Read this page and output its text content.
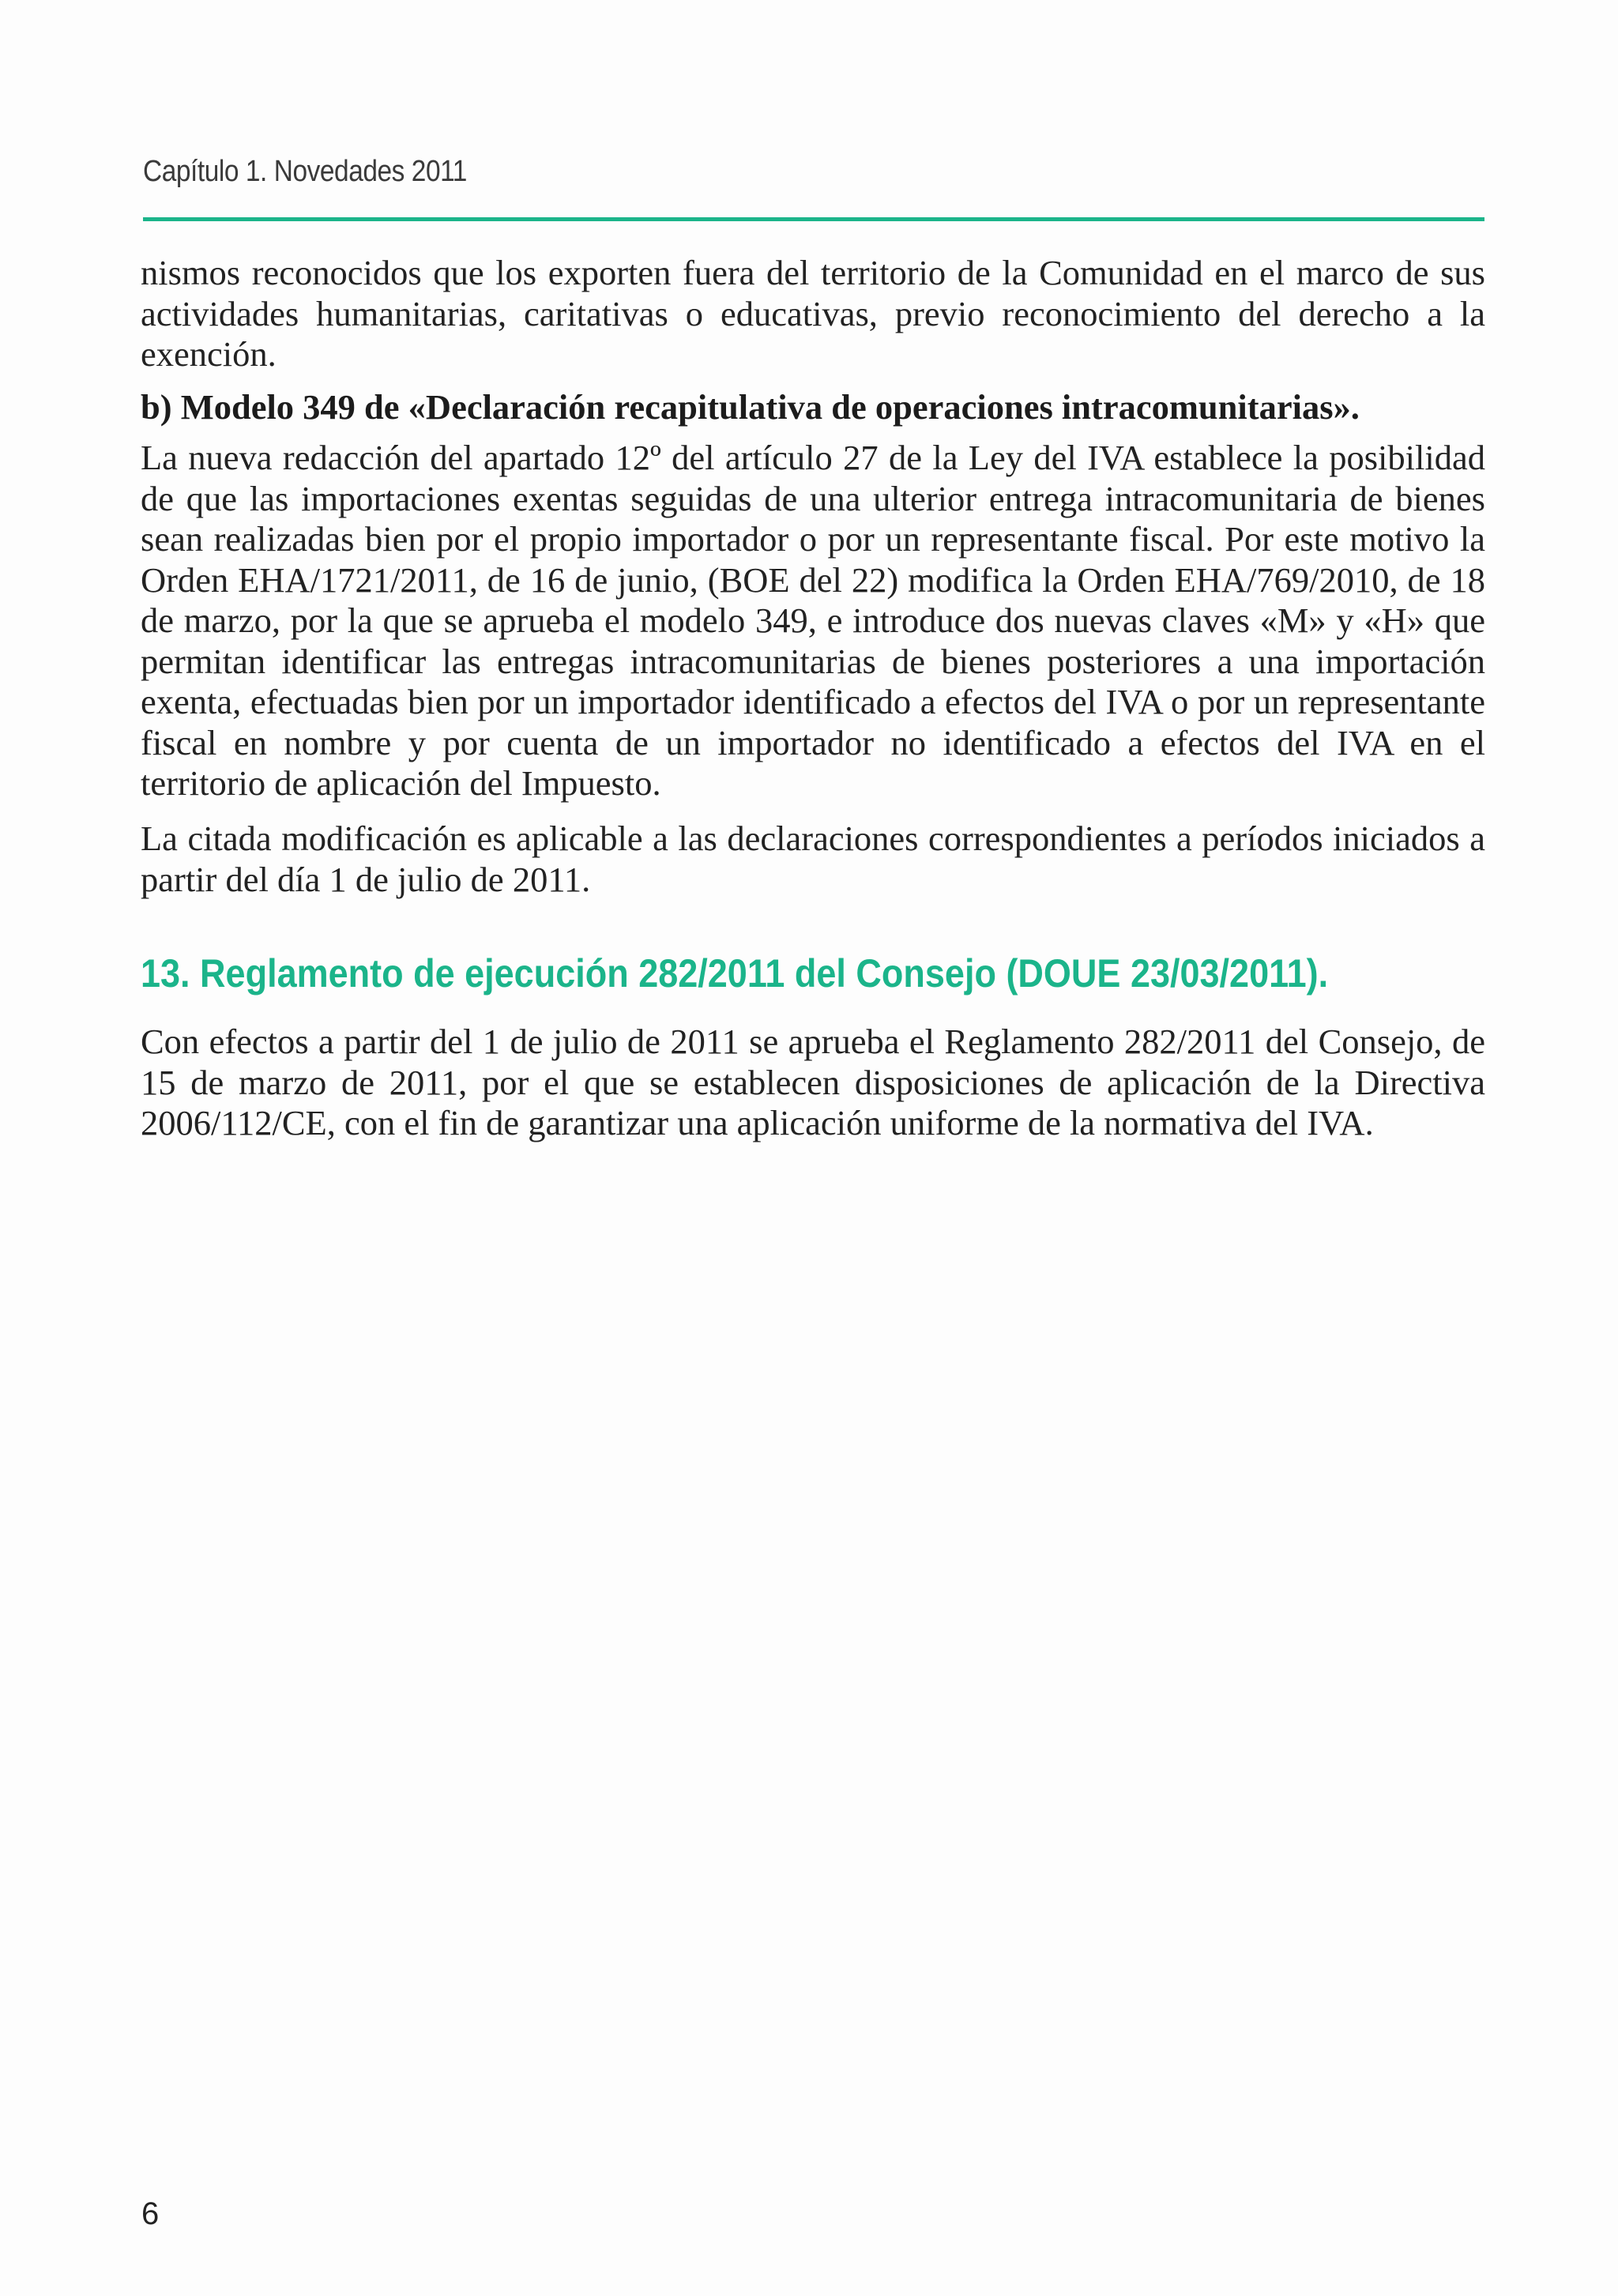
Capítulo 1. Novedades 2011

nismos reconocidos que los exporten fuera del territorio de la Comunidad en el marco de sus actividades humanitarias, caritativas o educativas, previo reconocimiento del derecho a la exención.

b) Modelo 349 de «Declaración recapitulativa de operaciones intracomunitarias».

La nueva redacción del apartado 12º del artículo 27 de la Ley del IVA establece la posibilidad de que las importaciones exentas seguidas de una ulterior entrega intracomunitaria de bienes sean realizadas bien por el propio importador o por un representante fiscal. Por este motivo la Orden EHA/1721/2011, de 16 de junio, (BOE del 22) modifica la Orden EHA/769/2010, de 18 de marzo, por la que se aprueba el modelo 349, e introduce dos nuevas claves «M» y «H» que permitan identificar las entregas intracomunitarias de bienes posteriores a una importación exenta, efectuadas bien por un importador identificado a efectos del IVA o por un representante fiscal en nombre y por cuenta de un importador no identificado a efectos del IVA en el territorio de aplicación del Impuesto.

La citada modificación es aplicable a las declaraciones correspondientes a períodos iniciados a partir del día 1 de julio de 2011.

13. Reglamento de ejecución 282/2011 del Consejo (DOUE 23/03/2011).

Con efectos a partir del 1 de julio de 2011 se aprueba el Reglamento 282/2011 del Consejo, de 15 de marzo de 2011, por el que se establecen disposiciones de aplicación de la Directiva 2006/112/CE, con el fin de garantizar una aplicación uniforme de la normativa del IVA.

6
